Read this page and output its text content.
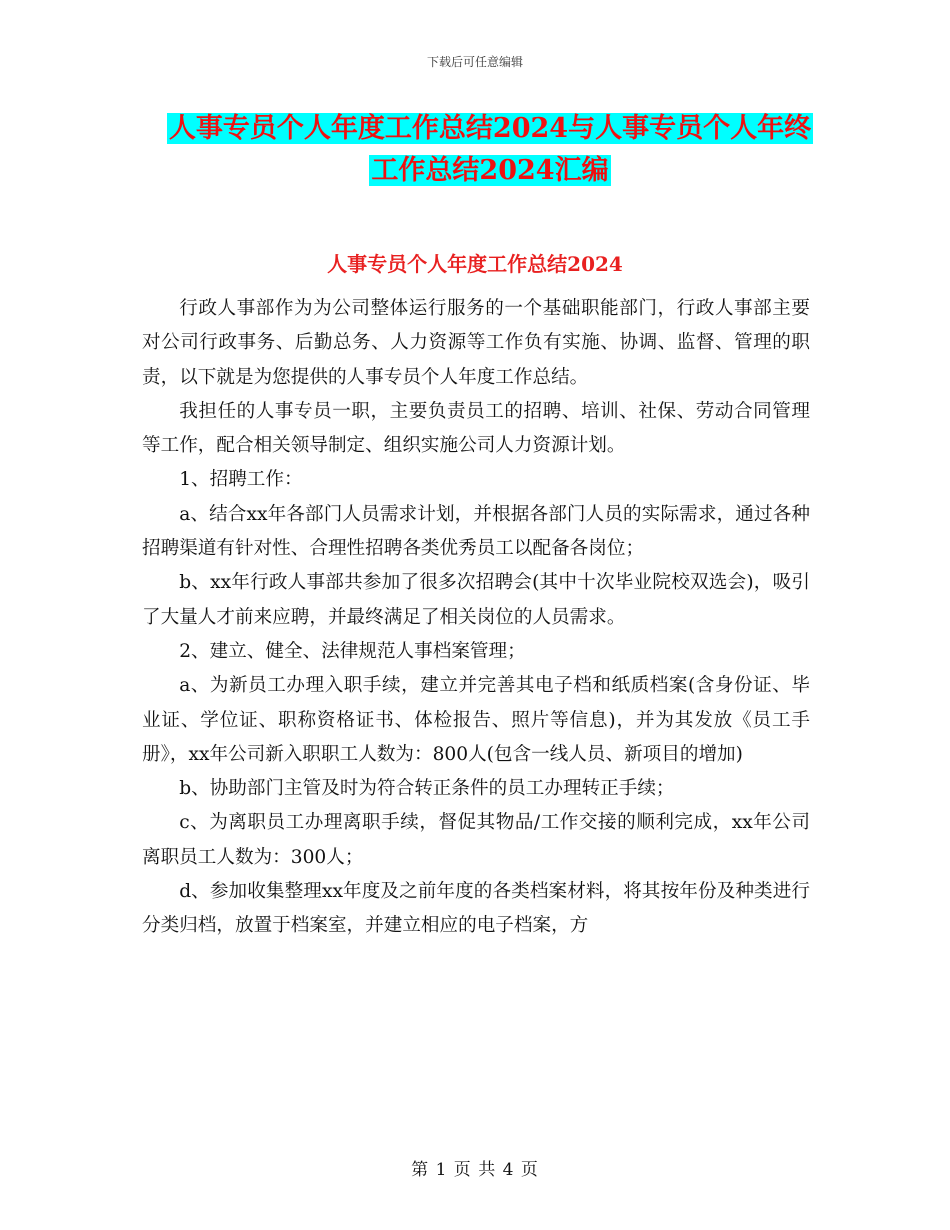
下载后可任意编辑
人事专员个人年度工作总结2024与人事专员个人年终
工作总结2024汇编
人事专员个人年度工作总结2024

行政人事部作为为公司整体运行服务的一个基础职能部门，行政人事部主要对公司行政事务、后勤总务、人力资源等工作负有实施、协调、监督、管理的职责，以下就是为您提供的人事专员个人年度工作总结。

我担任的人事专员一职，主要负责员工的招聘、培训、社保、劳动合同管理等工作，配合相关领导制定、组织实施公司人力资源计划。

1、招聘工作：

a、结合xx年各部门人员需求计划，并根据各部门人员的实际需求，通过各种招聘渠道有针对性、合理性招聘各类优秀员工以配备各岗位；

b、xx年行政人事部共参加了很多次招聘会(其中十次毕业院校双选会)，吸引了大量人才前来应聘，并最终满足了相关岗位的人员需求。

2、建立、健全、法律规范人事档案管理；

a、为新员工办理入职手续，建立并完善其电子档和纸质档案(含身份证、毕业证、学位证、职称资格证书、体检报告、照片等信息)，并为其发放《员工手册》，xx年公司新入职职工人数为：800人(包含一线人员、新项目的增加)

b、协助部门主管及时为符合转正条件的员工办理转正手续；

c、为离职员工办理离职手续，督促其物品/工作交接的顺利完成，xx年公司离职员工人数为：300人；

d、参加收集整理xx年度及之前年度的各类档案材料，将其按年份及种类进行分类归档，放置于档案室，并建立相应的电子档案，方

第 1 页 共 4 页
